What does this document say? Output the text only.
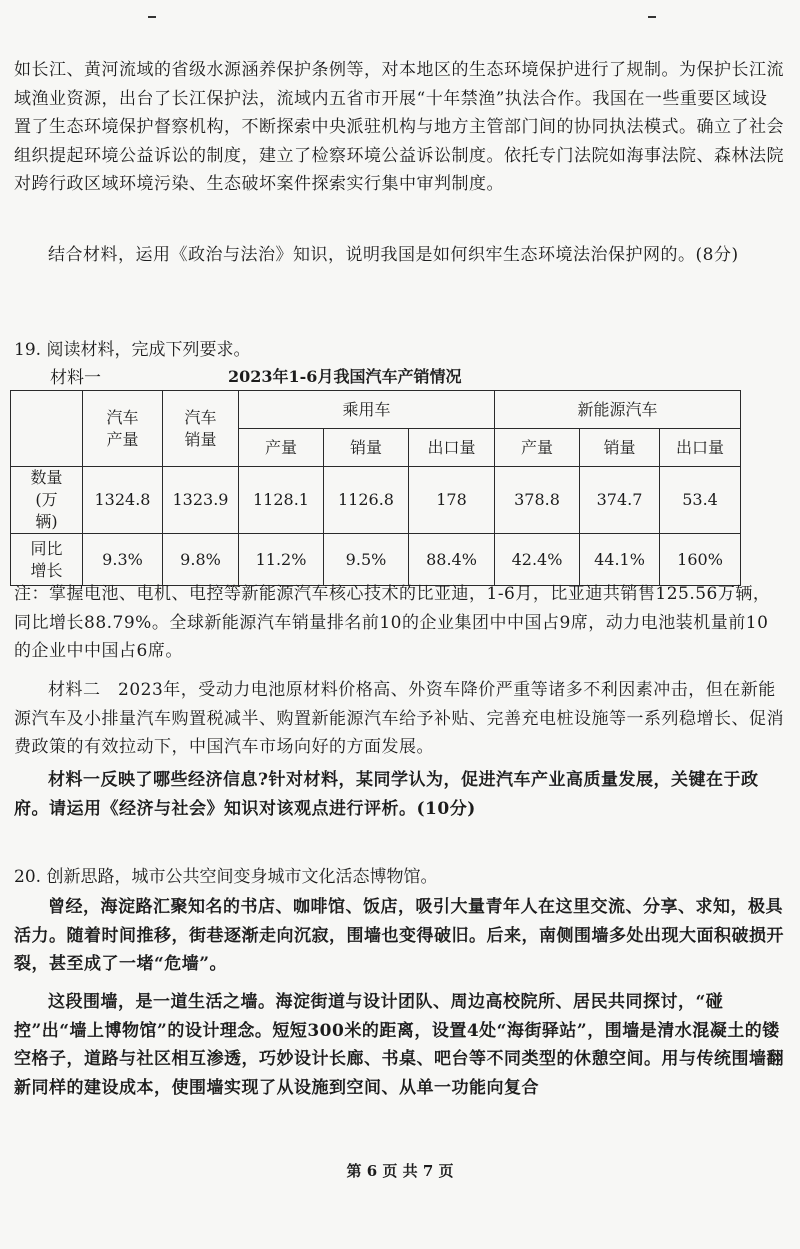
如长江、黄河流域的省级水源涵养保护条例等，对本地区的生态环境保护进行了规制。为保护长江流域渔业资源，出台了长江保护法，流域内五省市开展“十年禁渔”执法合作。我国在一些重要区域设置了生态环境保护督察机构，不断探索中央派驻机构与地方主管部门间的协同执法模式。确立了社会组织提起环境公益诉讼的制度，建立了检察环境公益诉讼制度。依托专门法院如海事法院、森林法院对跨行政区域环境污染、生态破坏案件探索实行集中审判制度。

结合材料，运用《政治与法治》知识，说明我国是如何织牢生态环境法治保护网的。(8分)

19. 阅读材料，完成下列要求。

材料一	2023年1-6月我国汽车产销情况

	汽车产量	汽车销量	乘用车			新能源汽车		
			产量	销量	出口量	产量	销量	出口量
数量(万辆)	1324.8	1323.9	1128.1	1126.8	178	378.8	374.7	53.4
同比增长	9.3%	9.8%	11.2%	9.5%	88.4%	42.4%	44.1%	160%

注：掌握电池、电机、电控等新能源汽车核心技术的比亚迪，1-6月，比亚迪共销售125.56万辆，同比增长88.79%。全球新能源汽车销量排名前10的企业集团中中国占9席，动力电池装机量前10的企业中中国占6席。

材料二　2023年，受动力电池原材料价格高、外资车降价严重等诸多不利因素冲击，但在新能源汽车及小排量汽车购置税减半、购置新能源汽车给予补贴、完善充电桩设施等一系列稳增长、促消费政策的有效拉动下，中国汽车市场向好的方面发展。

材料一反映了哪些经济信息?针对材料，某同学认为，促进汽车产业高质量发展，关键在于政府。请运用《经济与社会》知识对该观点进行评析。(10分)

20. 创新思路，城市公共空间变身城市文化活态博物馆。

曾经，海淀路汇聚知名的书店、咖啡馆、饭店，吸引大量青年人在这里交流、分享、求知，极具活力。随着时间推移，街巷逐渐走向沉寂，围墙也变得破旧。后来，南侧围墙多处出现大面积破损开裂，甚至成了一堵“危墙”。

这段围墙，是一道生活之墙。海淀街道与设计团队、周边高校院所、居民共同探讨，“碰控”出“墙上博物馆”的设计理念。短短300米的距离，设置4处“海街驿站”，围墙是清水混凝土的镂空格子，道路与社区相互渗透，巧妙设计长廊、书桌、吧台等不同类型的休憩空间。用与传统围墙翻新同样的建设成本，使围墙实现了从设施到空间、从单一功能向复合

第 6 页 共 7 页
